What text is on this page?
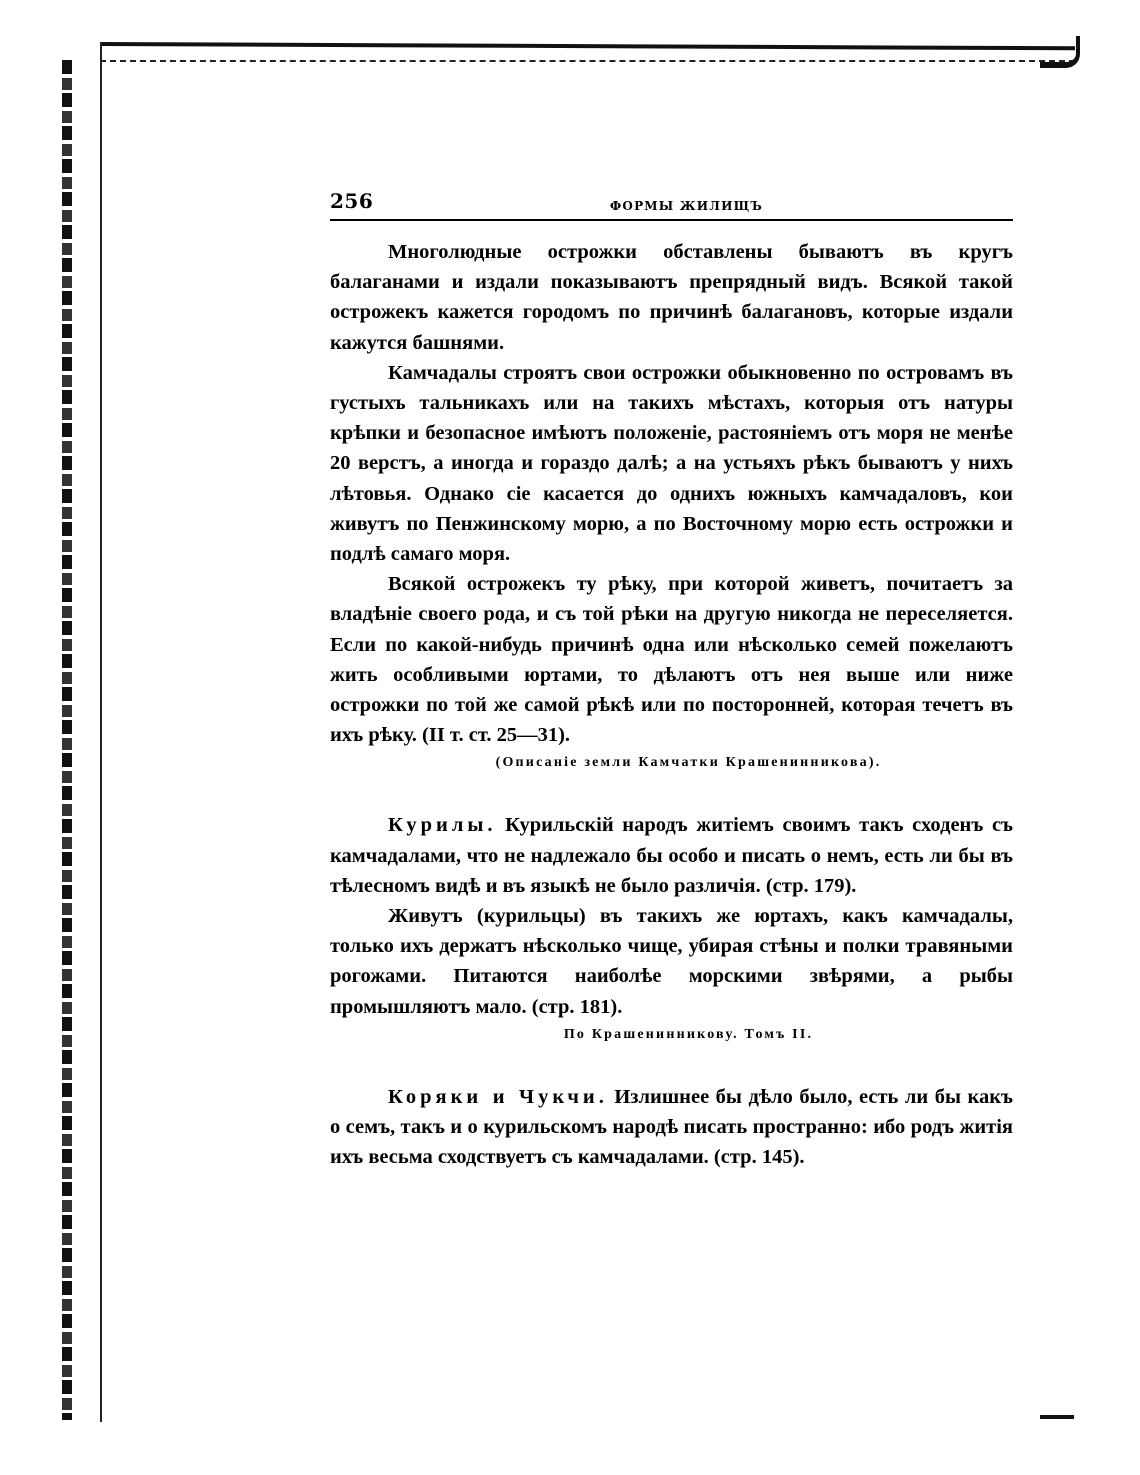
256	ФОРМЫ ЖИЛИЩЪ

Многолюдные острожки обставлены бываютъ въ кругъ балаганами и издали показываютъ препрядный видъ. Всякой такой острожекъ кажется городомъ по причинѣ балагановъ, которые издали кажутся башнями.

Камчадалы строятъ свои острожки обыкновенно по островамъ въ густыхъ тальникахъ или на такихъ мѣстахъ, которыя отъ натуры крѣпки и безопасное имѣютъ положеніе, растояніемъ отъ моря не менѣе 20 верстъ, а иногда и гораздо далѣ; а на устьяхъ рѣкъ бываютъ у нихъ лѣтовья. Однако сіе касается до однихъ южныхъ камчадаловъ, кои живутъ по Пенжинскому морю, а по Восточному морю есть острожки и подлѣ самаго моря.

Всякой острожекъ ту рѣку, при которой живетъ, почитаетъ за владѣніе своего рода, и съ той рѣки на другую никогда не переселяется. Если по какой-нибудь причинѣ одна или нѣсколько семей пожелаютъ жить особливыми юртами, то дѣлаютъ отъ нея выше или ниже острожки по той же самой рѣкѣ или по посторонней, которая течетъ въ ихъ рѣку. (II т. ст. 25—31).

(Описаніе земли Камчатки Крашенинникова).

Курилы. Курильскій народъ житіемъ своимъ такъ сходенъ съ камчадалами, что не надлежало бы особо и писать о немъ, есть ли бы въ тѣлесномъ видѣ и въ языкѣ не было различія. (стр. 179).

Живутъ (курильцы) въ такихъ же юртахъ, какъ камчадалы, только ихъ держатъ нѣсколько чище, убирая стѣны и полки травяными рогожами. Питаются наиболѣе морскими звѣрями, а рыбы промышляютъ мало. (стр. 181).

По Крашенинникову. Томъ II.

Коряки и Чукчи. Излишнее бы дѣло было, есть ли бы какъ о семъ, такъ и о курильскомъ народѣ писать пространно: ибо родъ житія ихъ весьма сходствуетъ съ камчадалами. (стр. 145).
